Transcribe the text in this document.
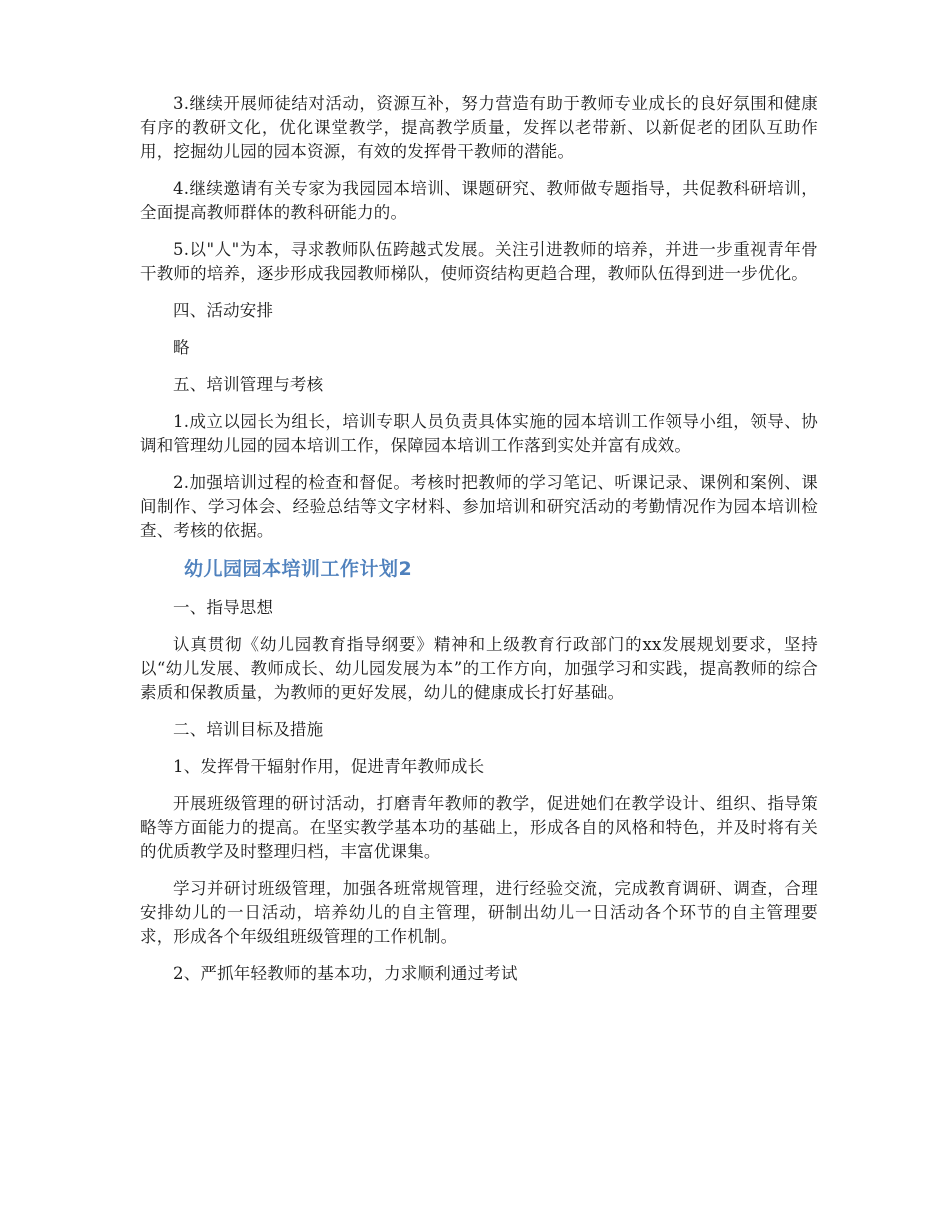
3.继续开展师徒结对活动，资源互补，努力营造有助于教师专业成长的良好氛围和健康有序的教研文化，优化课堂教学，提高教学质量，发挥以老带新、以新促老的团队互助作用，挖掘幼儿园的园本资源，有效的发挥骨干教师的潜能。

4.继续邀请有关专家为我园园本培训、课题研究、教师做专题指导，共促教科研培训，全面提高教师群体的教科研能力的。

5.以"人"为本，寻求教师队伍跨越式发展。关注引进教师的培养，并进一步重视青年骨干教师的培养，逐步形成我园教师梯队，使师资结构更趋合理，教师队伍得到进一步优化。

四、活动安排

略

五、培训管理与考核

1.成立以园长为组长，培训专职人员负责具体实施的园本培训工作领导小组，领导、协调和管理幼儿园的园本培训工作，保障园本培训工作落到实处并富有成效。

2.加强培训过程的检查和督促。考核时把教师的学习笔记、听课记录、课例和案例、课间制作、学习体会、经验总结等文字材料、参加培训和研究活动的考勤情况作为园本培训检查、考核的依据。

幼儿园园本培训工作计划2

一、指导思想

认真贯彻《幼儿园教育指导纲要》精神和上级教育行政部门的xx发展规划要求，坚持以“幼儿发展、教师成长、幼儿园发展为本”的工作方向，加强学习和实践，提高教师的综合素质和保教质量，为教师的更好发展，幼儿的健康成长打好基础。

二、培训目标及措施

1、发挥骨干辐射作用，促进青年教师成长

开展班级管理的研讨活动，打磨青年教师的教学，促进她们在教学设计、组织、指导策略等方面能力的提高。在坚实教学基本功的基础上，形成各自的风格和特色，并及时将有关的优质教学及时整理归档，丰富优课集。

学习并研讨班级管理，加强各班常规管理，进行经验交流，完成教育调研、调查，合理安排幼儿的一日活动，培养幼儿的自主管理，研制出幼儿一日活动各个环节的自主管理要求，形成各个年级组班级管理的工作机制。

2、严抓年轻教师的基本功，力求顺利通过考试
